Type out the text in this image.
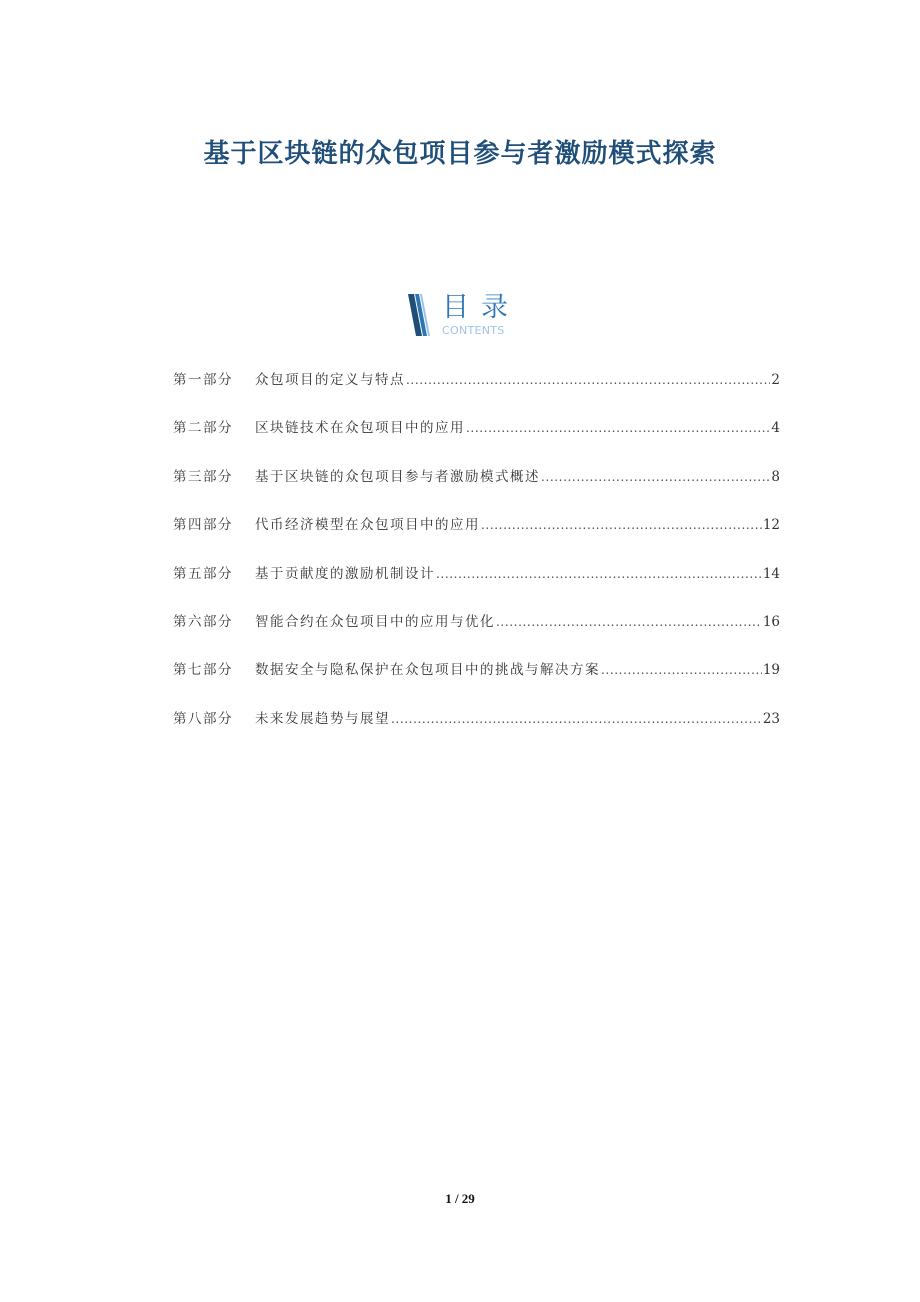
基于区块链的众包项目参与者激励模式探索
目录
CONTENTS
第一部分	众包项目的定义与特点 .....	2
第二部分	区块链技术在众包项目中的应用 .....	4
第三部分	基于区块链的众包项目参与者激励模式概述 .....	8
第四部分	代币经济模型在众包项目中的应用 .....	12
第五部分	基于贡献度的激励机制设计 .....	14
第六部分	智能合约在众包项目中的应用与优化 .....	16
第七部分	数据安全与隐私保护在众包项目中的挑战与解决方案 .....	19
第八部分	未来发展趋势与展望 .....	23
1 / 29
